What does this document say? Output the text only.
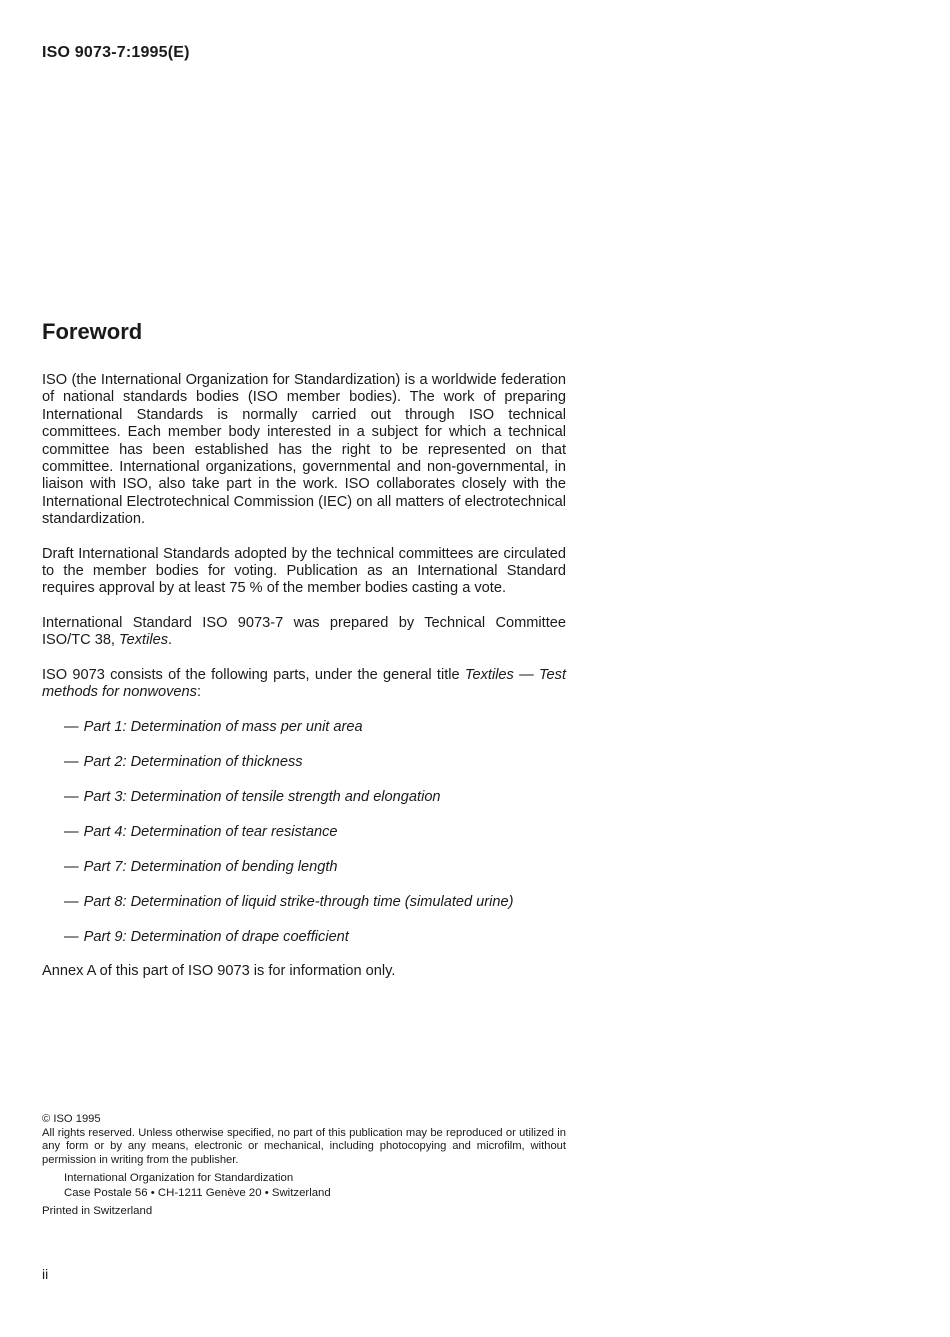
ISO 9073-7:1995(E)
Foreword

ISO (the International Organization for Standardization) is a worldwide federation of national standards bodies (ISO member bodies). The work of preparing International Standards is normally carried out through ISO technical committees. Each member body interested in a subject for which a technical committee has been established has the right to be represented on that committee. International organizations, governmental and non-governmental, in liaison with ISO, also take part in the work. ISO collaborates closely with the International Electrotechnical Commission (IEC) on all matters of electrotechnical standardization.

Draft International Standards adopted by the technical committees are circulated to the member bodies for voting. Publication as an International Standard requires approval by at least 75 % of the member bodies casting a vote.

International Standard ISO 9073-7 was prepared by Technical Committee ISO/TC 38, Textiles.

ISO 9073 consists of the following parts, under the general title Textiles — Test methods for nonwovens:

— Part 1: Determination of mass per unit area
— Part 2: Determination of thickness
— Part 3: Determination of tensile strength and elongation
— Part 4: Determination of tear resistance
— Part 7: Determination of bending length
— Part 8: Determination of liquid strike-through time (simulated urine)
— Part 9: Determination of drape coefficient

Annex A of this part of ISO 9073 is for information only.

© ISO 1995

All rights reserved. Unless otherwise specified, no part of this publication may be reproduced or utilized in any form or by any means, electronic or mechanical, including photocopying and microfilm, without permission in writing from the publisher.

International Organization for Standardization
Case Postale 56 • CH-1211 Genève 20 • Switzerland

Printed in Switzerland

ii
